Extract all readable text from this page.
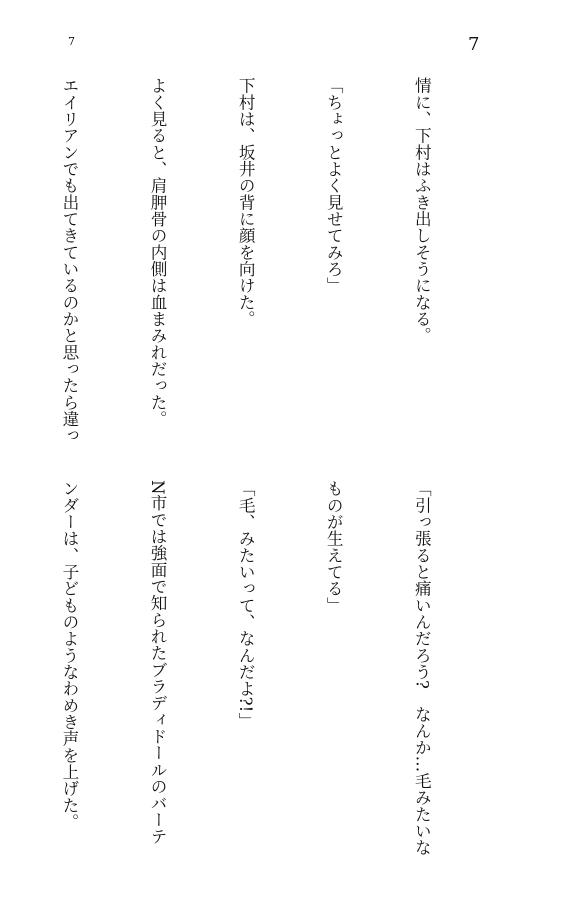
7	7

情に、下村はふき出しそうになる。

「ちょっとよく見せてみろ」

下村は、坂井の背に顔を向けた。

よく見ると、肩胛骨の内側は血まみれだった。

エイリアンでも出てきているのかと思ったら違っ

「引っ張ると痛いんだろう?　なんか…毛みたいな

ものが生えてる」

「毛、みたいって、なんだよ?!」

N市では強面で知られたブラディドールのバーテ

ンダーは、子どものようなわめき声を上げた。
